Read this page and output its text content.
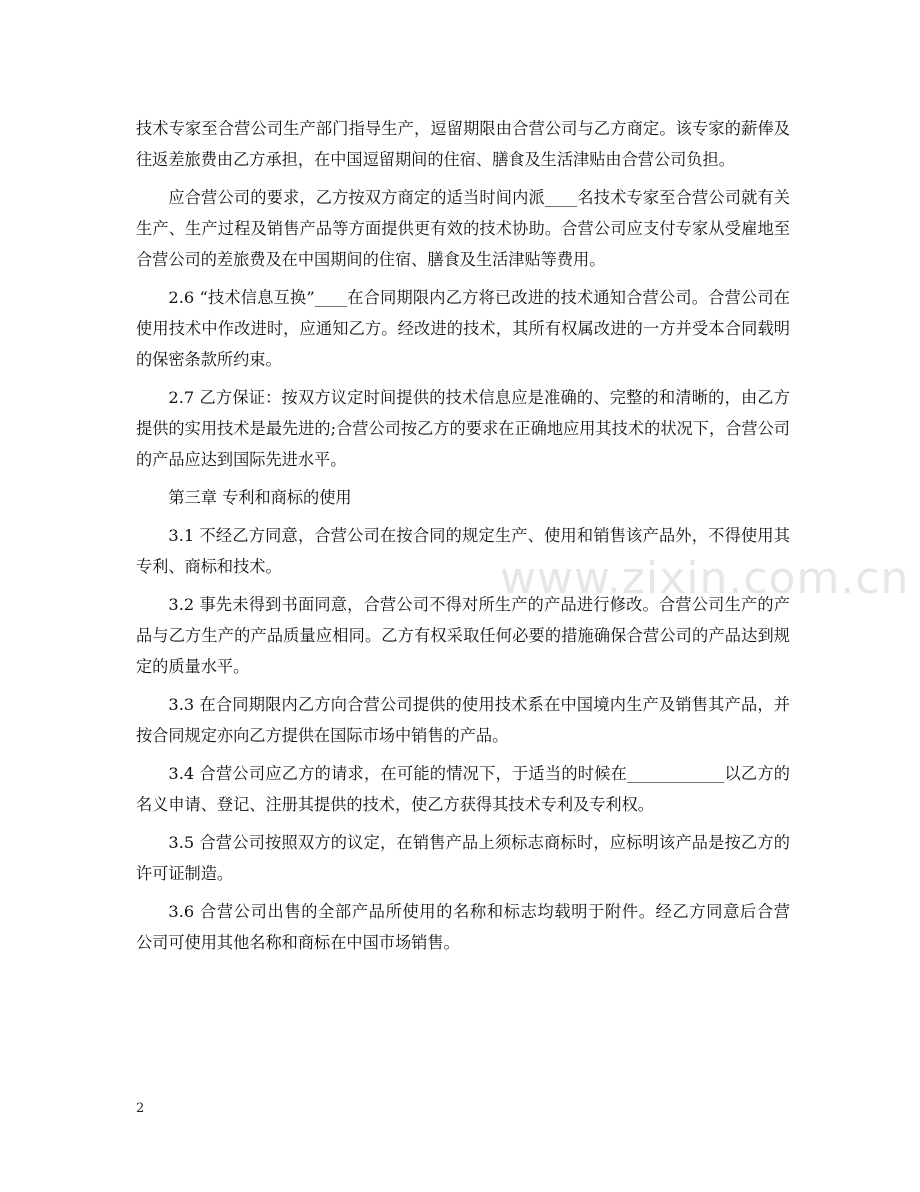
技术专家至合营公司生产部门指导生产，逗留期限由合营公司与乙方商定。该专家的薪俸及往返差旅费由乙方承担，在中国逗留期间的住宿、膳食及生活津贴由合营公司负担。

应合营公司的要求，乙方按双方商定的适当时间内派____名技术专家至合营公司就有关生产、生产过程及销售产品等方面提供更有效的技术协助。合营公司应支付专家从受雇地至合营公司的差旅费及在中国期间的住宿、膳食及生活津贴等费用。

2.6 “技术信息互换”____在合同期限内乙方将已改进的技术通知合营公司。合营公司在使用技术中作改进时，应通知乙方。经改进的技术，其所有权属改进的一方并受本合同载明的保密条款所约束。

2.7 乙方保证：按双方议定时间提供的技术信息应是准确的、完整的和清晰的，由乙方提供的实用技术是最先进的;合营公司按乙方的要求在正确地应用其技术的状况下，合营公司的产品应达到国际先进水平。

第三章 专利和商标的使用

3.1 不经乙方同意，合营公司在按合同的规定生产、使用和销售该产品外，不得使用其专利、商标和技术。

3.2 事先未得到书面同意，合营公司不得对所生产的产品进行修改。合营公司生产的产品与乙方生产的产品质量应相同。乙方有权采取任何必要的措施确保合营公司的产品达到规定的质量水平。

3.3 在合同期限内乙方向合营公司提供的使用技术系在中国境内生产及销售其产品，并按合同规定亦向乙方提供在国际市场中销售的产品。

3.4 合营公司应乙方的请求，在可能的情况下，于适当的时候在____________以乙方的名义申请、登记、注册其提供的技术，使乙方获得其技术专利及专利权。

3.5 合营公司按照双方的议定，在销售产品上须标志商标时，应标明该产品是按乙方的许可证制造。

3.6 合营公司出售的全部产品所使用的名称和标志均载明于附件。经乙方同意后合营  公司可使用其他名称和商标在中国市场销售。

www.zixin.com.cn
2
